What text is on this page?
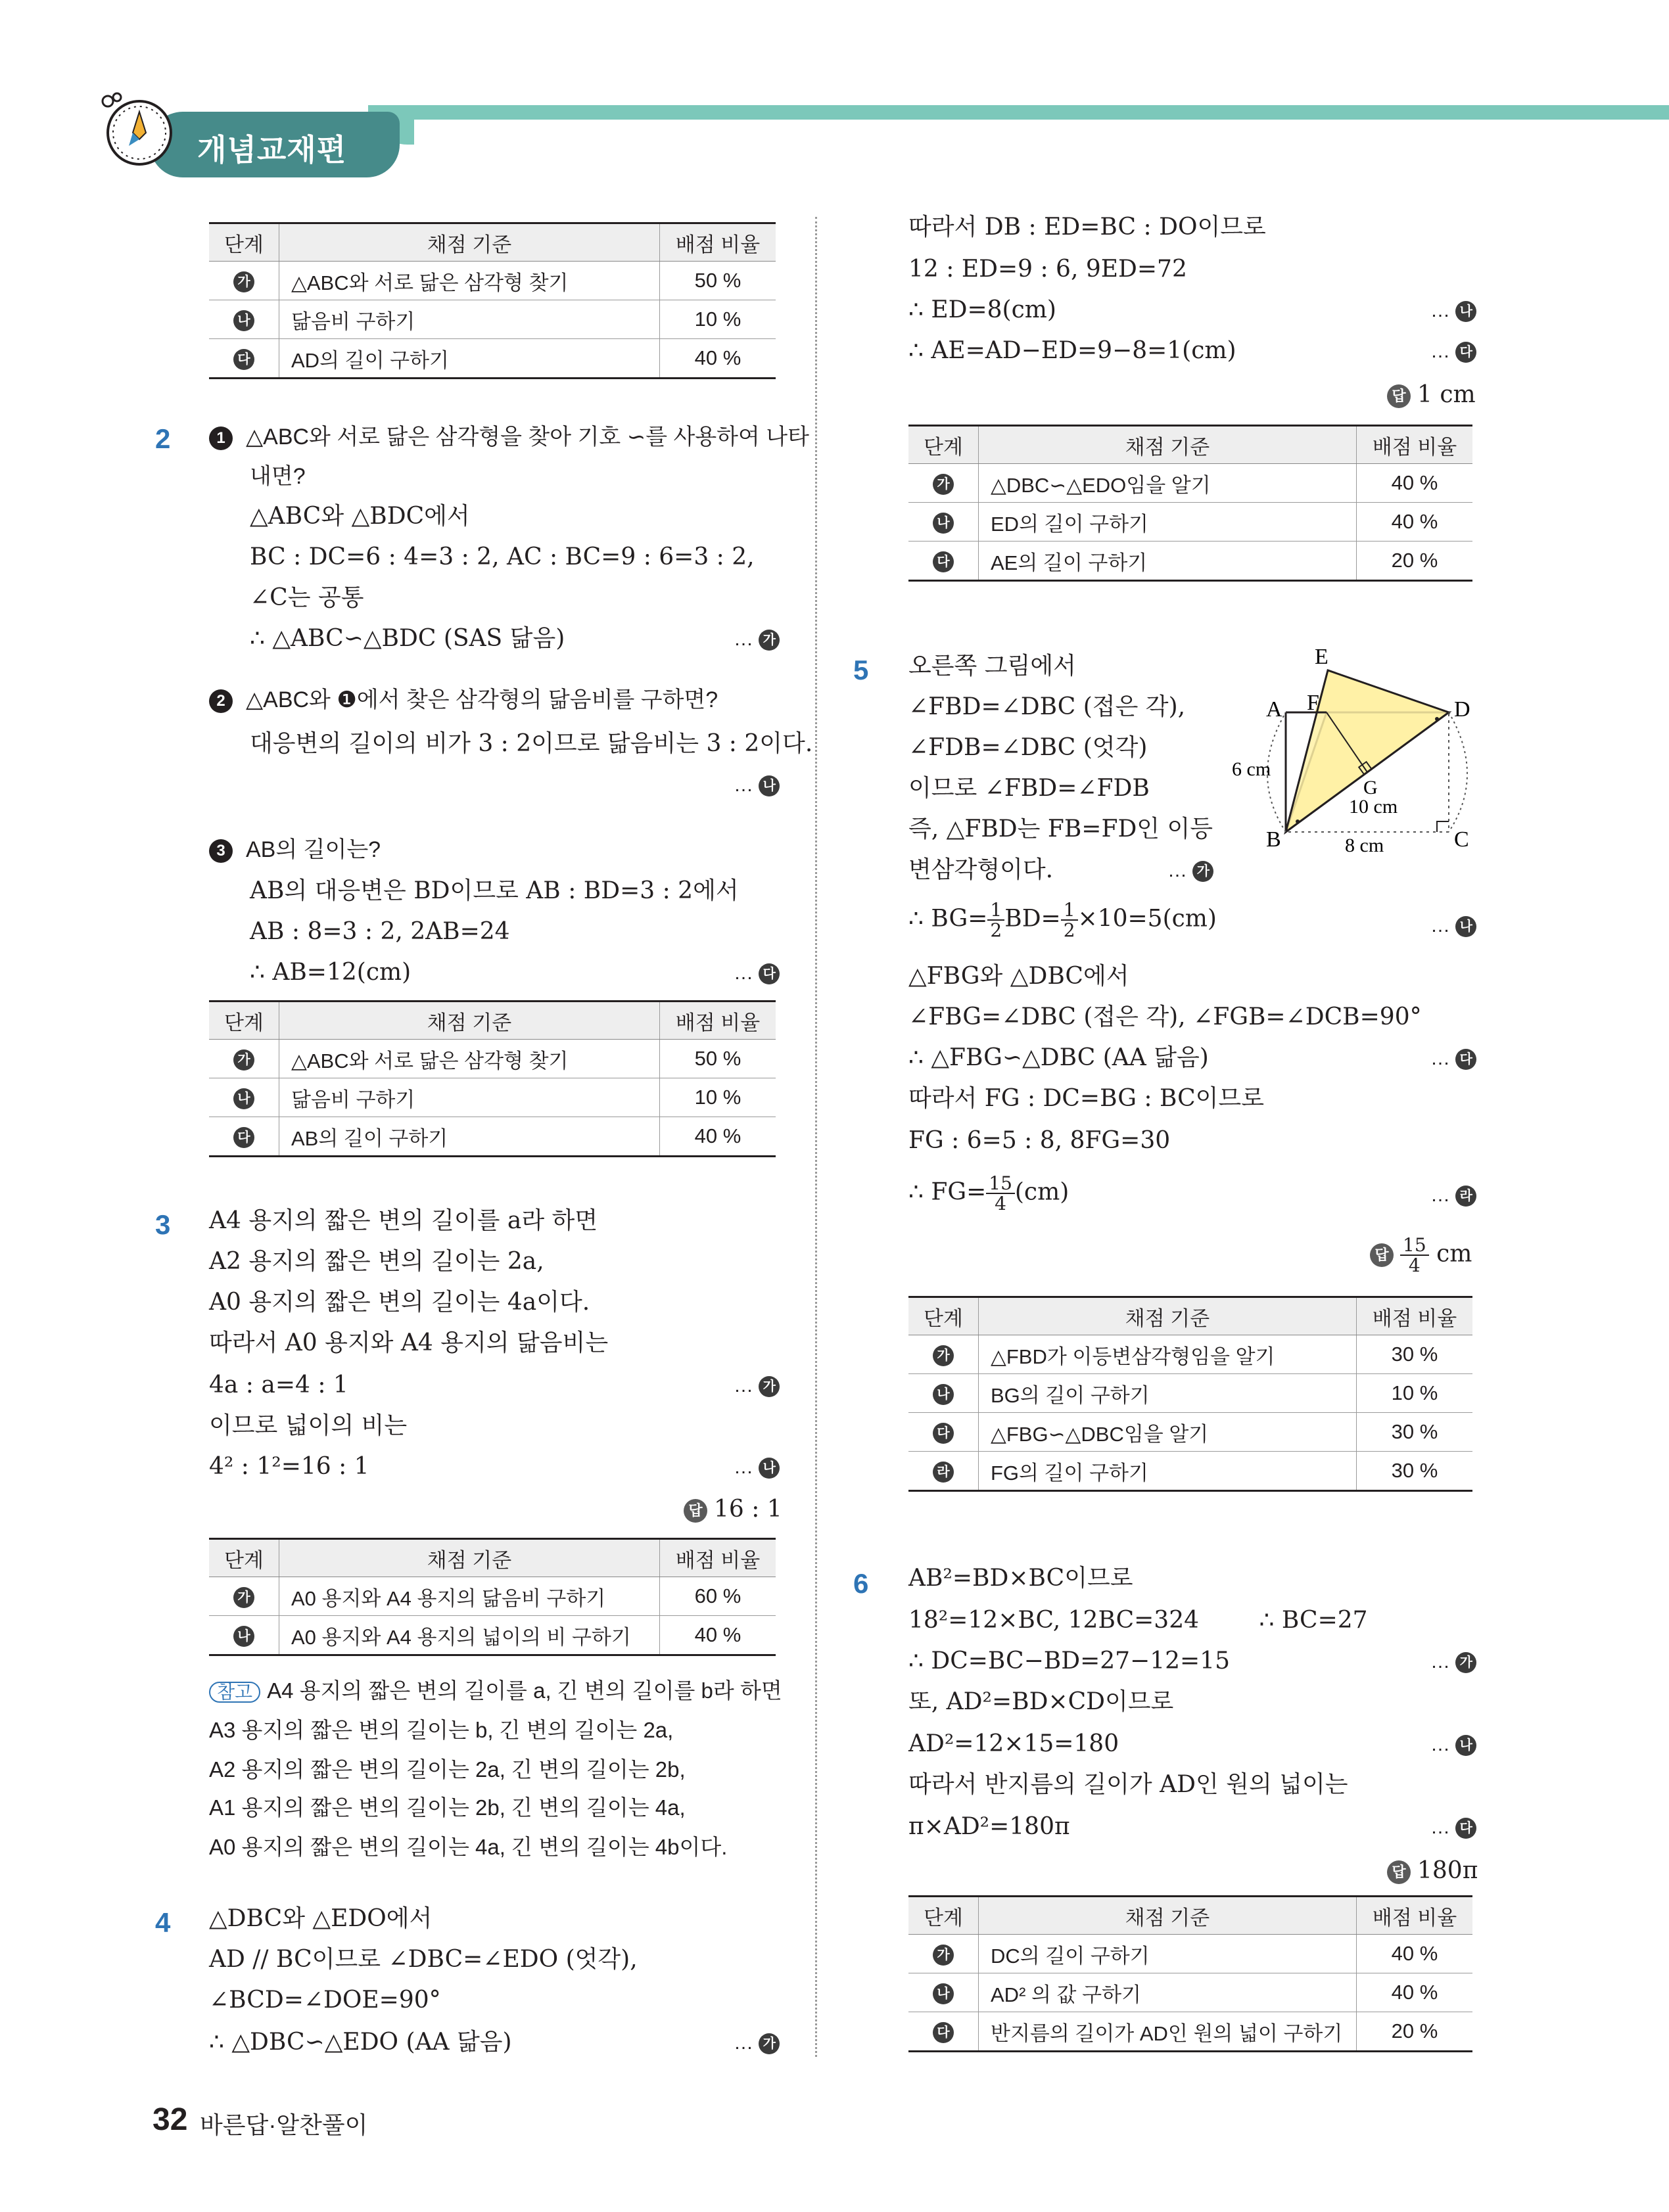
개념교재편
단계	채점 기준	배점 비율
가	△ABC와 서로 닮은 삼각형 찾기	50 %
나	닮음비 구하기	10 %
다	AD의 길이 구하기	40 %
2	1 △ABC와 서로 닮은 삼각형을 찾아 기호 ∽를 사용하여 나타
내면?
△ABC와 △BDC에서
BC : DC=6 : 4=3 : 2, AC : BC=9 : 6=3 : 2,
∠C는 공통
∴ △ABC∽△BDC (SAS 닮음)	… 가
2 △ABC와 ❶에서 찾은 삼각형의 닮음비를 구하면?
대응변의 길이의 비가 3 : 2이므로 닮음비는 3 : 2이다.
… 나
3 AB의 길이는?
AB의 대응변은 BD이므로 AB : BD=3 : 2에서
AB : 8=3 : 2, 2AB=24
∴ AB=12(cm)	… 다
단계	채점 기준	배점 비율
가	△ABC와 서로 닮은 삼각형 찾기	50 %
나	닮음비 구하기	10 %
다	AB의 길이 구하기	40 %
3 A4 용지의 짧은 변의 길이를 a라 하면
A2 용지의 짧은 변의 길이는 2a,
A0 용지의 짧은 변의 길이는 4a이다.
따라서 A0 용지와 A4 용지의 닮음비는
4a : a=4 : 1	… 가
이므로 넓이의 비는
4² : 1²=16 : 1	… 나
답 16 : 1
단계	채점 기준	배점 비율
가	A0 용지와 A4 용지의 닮음비 구하기	60 %
나	A0 용지와 A4 용지의 넓이의 비 구하기	40 %
참고 A4 용지의 짧은 변의 길이를 a, 긴 변의 길이를 b라 하면
A3 용지의 짧은 변의 길이는 b, 긴 변의 길이는 2a,
A2 용지의 짧은 변의 길이는 2a, 긴 변의 길이는 2b,
A1 용지의 짧은 변의 길이는 2b, 긴 변의 길이는 4a,
A0 용지의 짧은 변의 길이는 4a, 긴 변의 길이는 4b이다.
4 △DBC와 △EDO에서
AD // BC이므로 ∠DBC=∠EDO (엇각),
∠BCD=∠DOE=90°
∴ △DBC∽△EDO (AA 닮음)	… 가
따라서 DB : ED=BC : DO이므로
12 : ED=9 : 6, 9ED=72
∴ ED=8(cm)	… 나
∴ AE=AD−ED=9−8=1(cm)	… 다
답 1 cm
단계	채점 기준	배점 비율
가	△DBC∽△EDO임을 알기	40 %
나	ED의 길이 구하기	40 %
다	AE의 길이 구하기	20 %
5 오른쪽 그림에서
∠FBD=∠DBC (접은 각),
∠FDB=∠DBC (엇각)
이므로 ∠FBD=∠FDB
즉, △FBD는 FB=FD인 이등
변삼각형이다.	… 가
E
A F	D
G
B	C
6 cm
10 cm
8 cm
∴ $BG= \frac{1}{2} BD= \frac{1}{2} \times 10=5(cm)$	… 나
△FBG와 △DBC에서
∠FBG=∠DBC (접은 각), ∠FGB=∠DCB=90°
∴ △FBG∽△DBC (AA 닮음)	… 다
따라서 FG : DC=BG : BC이므로
FG : 6=5 : 8, 8FG=30
∴ $FG= \frac{15}{4} (cm)$	… 라
답 $\frac{15}{4}$ cm
단계	채점 기준	배점 비율
가	△FBD가 이등변삼각형임을 알기	30 %
나	BG의 길이 구하기	10 %
다	△FBG∽△DBC임을 알기	30 %
라	FG의 길이 구하기	30 %
6 AB²=BD×BC이므로
18²=12×BC, 12BC=324        ∴ BC=27
∴ DC=BC−BD=27−12=15	… 가
또, AD²=BD×CD이므로
AD²=12×15=180	… 나
따라서 반지름의 길이가 AD인 원의 넓이는
π×AD²=180π	… 다
답 180π
단계	채점 기준	배점 비율
가	DC의 길이 구하기	40 %
나	AD² 의 값 구하기	40 %
다	반지름의 길이가 AD인 원의 넓이 구하기	20 %
32 바른답·알찬풀이
